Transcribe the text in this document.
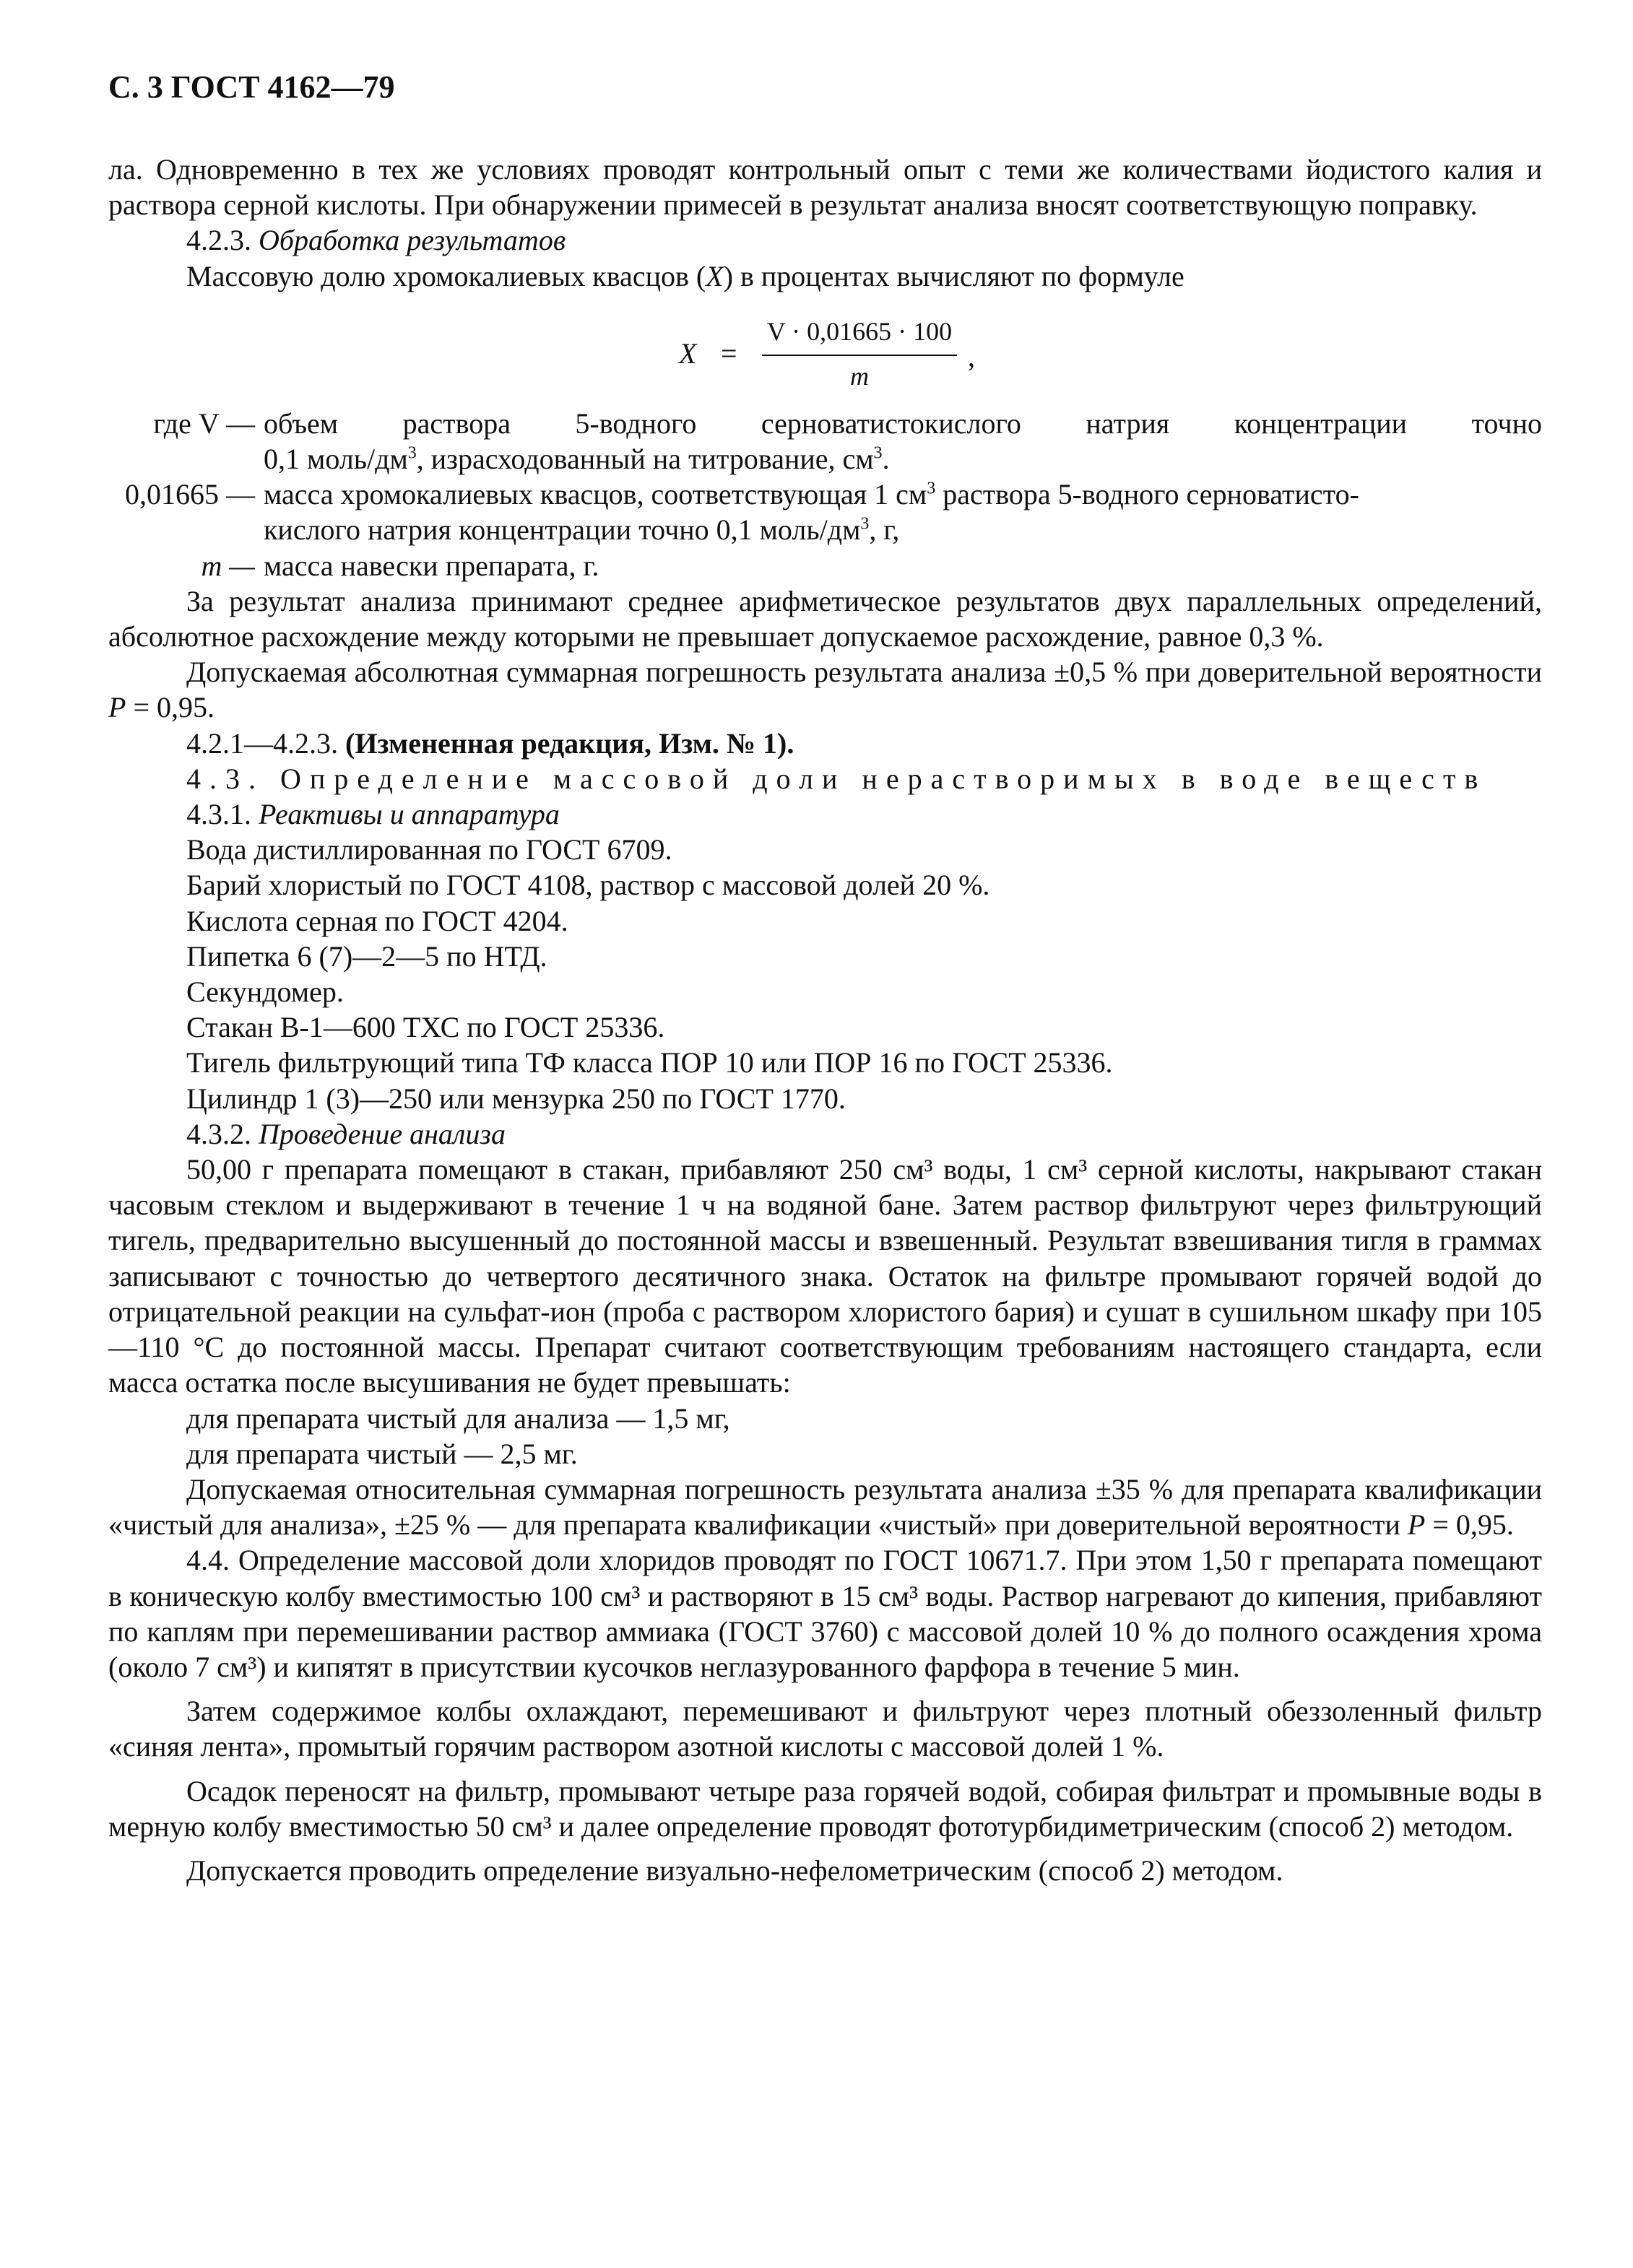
С. 3 ГОСТ 4162—79

ла. Одновременно в тех же условиях проводят контрольный опыт с теми же количествами йодистого калия и раствора серной кислоты. При обнаружении примесей в результат анализа вносят соответствующую поправку.

4.2.3. Обработка результатов

Массовую долю хромокалиевых квасцов (X) в процентах вычисляют по формуле

X =
V · 0,01665 · 100
m
,

где V — объем раствора 5-водного серноватистокислого натрия концентрации точно

0,1 моль/$дм^3$, израсходованный на титрование, $см^3$.

0,01665 — масса хромокалиевых квасцов, соответствующая 1 $см^3$ раствора 5-водного серноватисто-

кислого натрия концентрации точно 0,1 моль/$дм^3$, г,

m — масса навески препарата, г.

За результат анализа принимают среднее арифметическое результатов двух параллельных определений, абсолютное расхождение между которыми не превышает допускаемое расхождение, равное 0,3 %.

Допускаемая абсолютная суммарная погрешность результата анализа ±0,5 % при доверительной вероятности P = 0,95.

4.2.1—4.2.3. (Измененная редакция, Изм. № 1).

4.3. Определение массовой доли нерастворимых в воде веществ

4.3.1. Реактивы и аппаратура

Вода дистиллированная по ГОСТ 6709.

Барий хлористый по ГОСТ 4108, раствор с массовой долей 20 %.

Кислота серная по ГОСТ 4204.

Пипетка 6 (7)—2—5 по НТД.

Секундомер.

Стакан В-1—600 ТХС по ГОСТ 25336.

Тигель фильтрующий типа ТФ класса ПОР 10 или ПОР 16 по ГОСТ 25336.

Цилиндр 1 (3)—250 или мензурка 250 по ГОСТ 1770.

4.3.2. Проведение анализа

50,00 г препарата помещают в стакан, прибавляют 250 см³ воды, 1 см³ серной кислоты, накрывают стакан часовым стеклом и выдерживают в течение 1 ч на водяной бане. Затем раствор фильтруют через фильтрующий тигель, предварительно высушенный до постоянной массы и взвешенный. Результат взвешивания тигля в граммах записывают с точностью до четвертого десятичного знака. Остаток на фильтре промывают горячей водой до отрицательной реакции на сульфат-ион (проба с раствором хлористого бария) и сушат в сушильном шкафу при 105—110 °С до постоянной массы. Препарат считают соответствующим требованиям настоящего стандарта, если масса остатка после высушивания не будет превышать:

для препарата чистый для анализа — 1,5 мг,

для препарата чистый — 2,5 мг.

Допускаемая относительная суммарная погрешность результата анализа ±35 % для препарата квалификации «чистый для анализа», ±25 % — для препарата квалификации «чистый» при доверительной вероятности P = 0,95.

4.4. Определение массовой доли хлоридов проводят по ГОСТ 10671.7. При этом 1,50 г препарата помещают в коническую колбу вместимостью 100 см³ и растворяют в 15 см³ воды. Раствор нагревают до кипения, прибавляют по каплям при перемешивании раствор аммиака (ГОСТ 3760) с массовой долей 10 % до полного осаждения хрома (около 7 см³) и кипятят в присутствии кусочков неглазурованного фарфора в течение 5 мин.

Затем содержимое колбы охлаждают, перемешивают и фильтруют через плотный обеззоленный фильтр «синяя лента», промытый горячим раствором азотной кислоты с массовой долей 1 %.

Осадок переносят на фильтр, промывают четыре раза горячей водой, собирая фильтрат и промывные воды в мерную колбу вместимостью 50 см³ и далее определение проводят фототурбидиметрическим (способ 2) методом.

Допускается проводить определение визуально-нефелометрическим (способ 2) методом.
